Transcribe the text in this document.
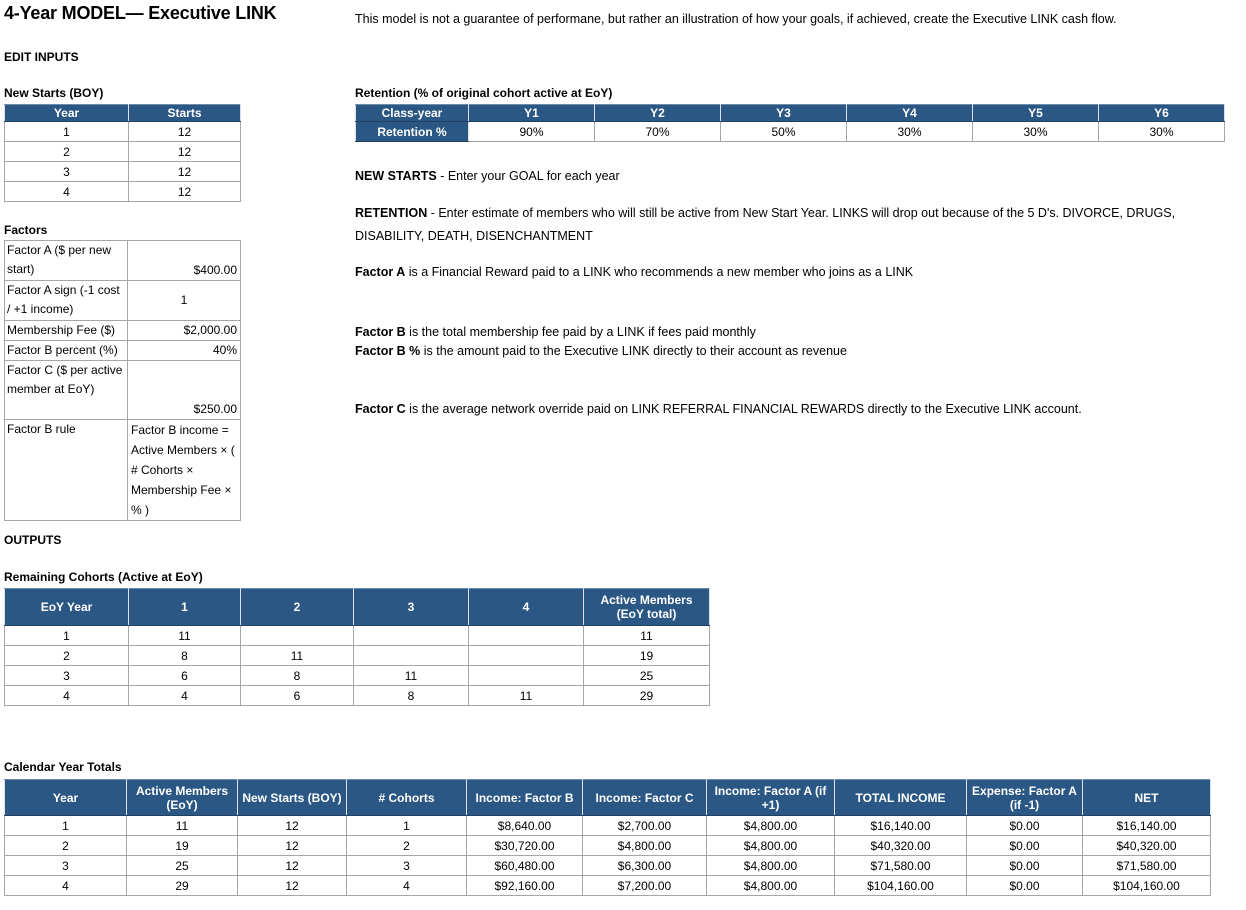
4-Year MODEL— Executive LINK	This model is not a guarantee of performane, but rather an illustration of how your goals, if achieved, create the Executive LINK cash flow.
EDIT INPUTS
New Starts (BOY)
Year	Starts
1	12
2	12
3	12
4	12
Retention (% of original cohort active at EoY)
Class-year	Y1	Y2	Y3	Y4	Y5	Y6
Retention %	90%	70%	50%	30%	30%	30%
NEW STARTS - Enter your GOAL for each year
RETENTION - Enter estimate of members who will still be active from New Start Year. LINKS will drop out because of the 5 D's. DIVORCE, DRUGS, DISABILITY, DEATH, DISENCHANTMENT
Factor A is a Financial Reward paid to a LINK who recommends a new member who joins as a LINK
Factor B is the total membership fee paid by a LINK if fees paid monthly
Factor B % is the amount paid to the Executive LINK directly to their account as revenue
Factor C is the average network override paid on LINK REFERRAL FINANCIAL REWARDS directly to the Executive LINK account.
Factors
Factor A ($ per new start)	$400.00
Factor A sign (-1 cost / +1 income)	1
Membership Fee ($)	$2,000.00
Factor B percent (%)	40%
Factor C ($ per active member at EoY)	$250.00
Factor B rule	Factor B income = Active Members × ( # Cohorts × Membership Fee × % )
OUTPUTS
Remaining Cohorts (Active at EoY)
EoY Year	1	2	3	4	Active Members (EoY total)
1	11				11
2	8	11			19
3	6	8	11		25
4	4	6	8	11	29
Calendar Year Totals
Year	Active Members (EoY)	New Starts (BOY)	# Cohorts	Income: Factor B	Income: Factor C	Income: Factor A (if +1)	TOTAL INCOME	Expense: Factor A (if -1)	NET
1	11	12	1	$8,640.00	$2,700.00	$4,800.00	$16,140.00	$0.00	$16,140.00
2	19	12	2	$30,720.00	$4,800.00	$4,800.00	$40,320.00	$0.00	$40,320.00
3	25	12	3	$60,480.00	$6,300.00	$4,800.00	$71,580.00	$0.00	$71,580.00
4	29	12	4	$92,160.00	$7,200.00	$4,800.00	$104,160.00	$0.00	$104,160.00
